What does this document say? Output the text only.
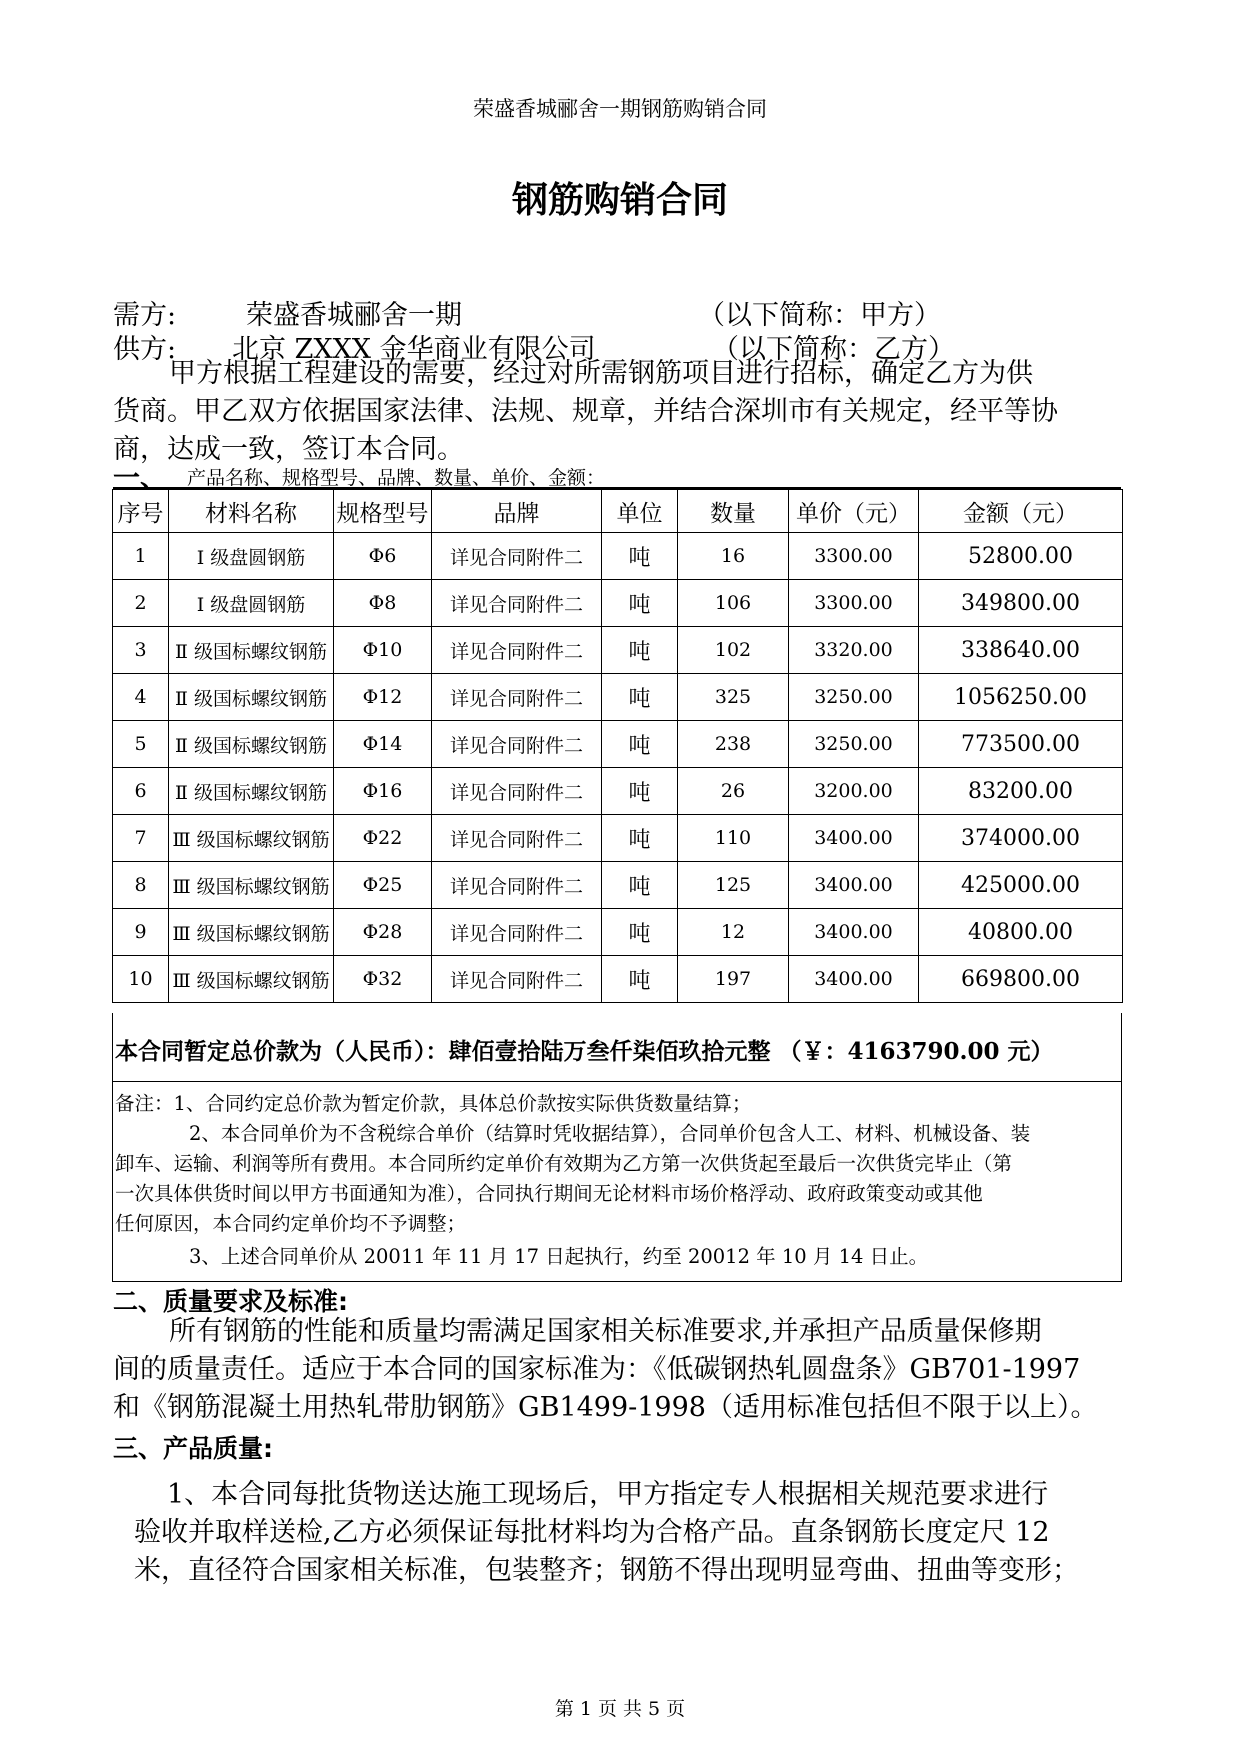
荣盛香城郦舍一期钢筋购销合同
钢筋购销合同
需方:	荣盛香城郦舍一期	（以下简称：甲方）
供方: 北京 ZXXX 金华商业有限公司	（以下简称：乙方）
甲方根据工程建设的需要，经过对所需钢筋项目进行招标，确定乙方为供
货商。甲乙双方依据国家法律、法规、规章，并结合深圳市有关规定，经平等协
商，达成一致，签订本合同。
一、 产品名称、规格型号、品牌、数量、单价、金额：
序号	材料名称	规格型号	品牌	单位	数量	单价（元）	金额（元）
1	Ⅰ 级盘圆钢筋	Φ6	详见合同附件二	吨	16	3300.00	52800.00
2	Ⅰ 级盘圆钢筋	Φ8	详见合同附件二	吨	106	3300.00	349800.00
3	Ⅱ 级国标螺纹钢筋	Φ10	详见合同附件二	吨	102	3320.00	338640.00
4	Ⅱ 级国标螺纹钢筋	Φ12	详见合同附件二	吨	325	3250.00	1056250.00
5	Ⅱ 级国标螺纹钢筋	Φ14	详见合同附件二	吨	238	3250.00	773500.00
6	Ⅱ 级国标螺纹钢筋	Φ16	详见合同附件二	吨	26	3200.00	83200.00
7	Ⅲ 级国标螺纹钢筋	Φ22	详见合同附件二	吨	110	3400.00	374000.00
8	Ⅲ 级国标螺纹钢筋	Φ25	详见合同附件二	吨	125	3400.00	425000.00
9	Ⅲ 级国标螺纹钢筋	Φ28	详见合同附件二	吨	12	3400.00	40800.00
10	Ⅲ 级国标螺纹钢筋	Φ32	详见合同附件二	吨	197	3400.00	669800.00
本合同暂定总价款为（人民币）：肆佰壹拾陆万叁仟柒佰玖拾元整 （￥：4163790.00 元）
备注：1、合同约定总价款为暂定价款，具体总价款按实际供货数量结算；
2、本合同单价为不含税综合单价（结算时凭收据结算），合同单价包含人工、材料、机械设备、装
卸车、运输、利润等所有费用。本合同所约定单价有效期为乙方第一次供货起至最后一次供货完毕止（第
一次具体供货时间以甲方书面通知为准），合同执行期间无论材料市场价格浮动、政府政策变动或其他
任何原因，本合同约定单价均不予调整；
3、上述合同单价从 20011 年 11 月 17 日起执行，约至 20012 年 10 月 14 日止。
二、质量要求及标准:
所有钢筋的性能和质量均需满足国家相关标准要求,并承担产品质量保修期
间的质量责任。适应于本合同的国家标准为：《低碳钢热轧圆盘条》GB701-1997
和《钢筋混凝土用热轧带肋钢筋》GB1499-1998（适用标准包括但不限于以上）。
三、产品质量:
1、本合同每批货物送达施工现场后，甲方指定专人根据相关规范要求进行
验收并取样送检,乙方必须保证每批材料均为合格产品。直条钢筋长度定尺 12
米，直径符合国家相关标准，包装整齐；钢筋不得出现明显弯曲、扭曲等变形；
第 1 页 共 5 页
